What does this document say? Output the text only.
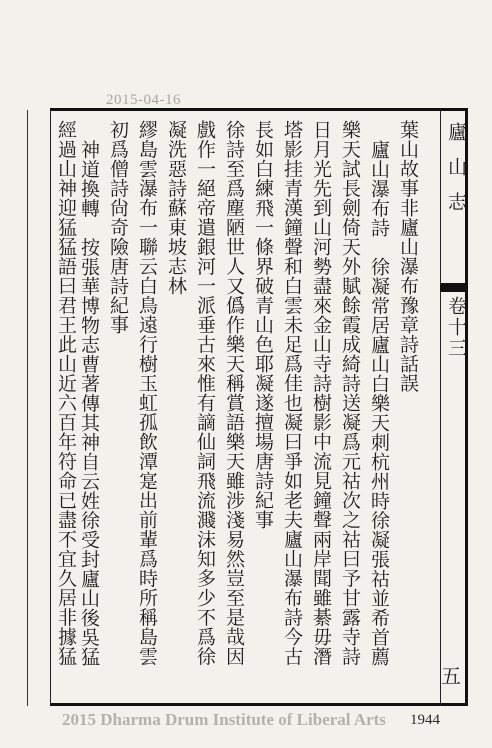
2015-04-16
廬山志
卷十三
五
葉山故事非廬山瀑布豫章詩話誤
廬山瀑布詩　徐凝常居廬山白樂天刺杭州時徐凝張祜並希首薦
樂天試長劍倚天外賦餘霞成綺詩送凝爲元祜次之祜曰予甘露寺詩
日月光先到山河勢盡來金山寺詩樹影中流見鐘聲兩岸聞雖綦毋潛
塔影挂青漢鐘聲和白雲未足爲佳也凝曰爭如老夫廬山瀑布詩今古
長如白練飛一條界破青山色耶凝遂擅場唐詩紀事
徐詩至爲塵陋世人又僞作樂天稱賞語樂天雖涉淺易然豈至是哉因
戲作一絕帝遣銀河一派垂古來惟有謫仙詞飛流濺沫知多少不爲徐
凝洗惡詩蘇東坡志林
繆島雲瀑布一聯云白鳥遠行樹玉虹孤飲潭寔出前輩爲時所稱島雲
初爲僧詩尙奇險唐詩紀事
神道換轉　按張華博物志曹著傳其神自云姓徐受封廬山後吳猛
經過山神迎猛猛語曰君王此山近六百年符命已盡不宜久居非據猛
2015 Dharma Drum Institute of Liberal Arts 1944
